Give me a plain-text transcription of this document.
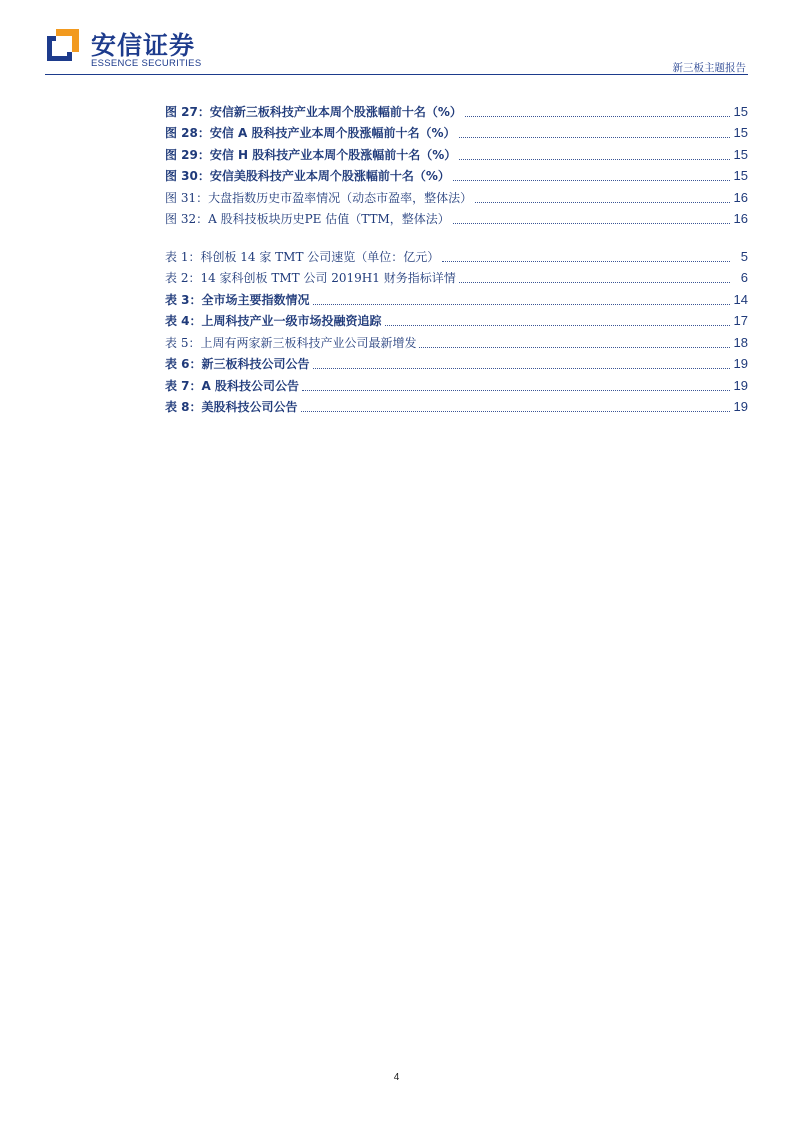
安信证券
ESSENCE SECURITIES	新三板主题报告
图 27：安信新三板科技产业本周个股涨幅前十名（%）	15
图 28：安信 A 股科技产业本周个股涨幅前十名（%）	15
图 29：安信 H 股科技产业本周个股涨幅前十名（%）	15
图 30：安信美股科技产业本周个股涨幅前十名（%）	15
图 31：大盘指数历史市盈率情况（动态市盈率，整体法）	16
图 32：A 股科技板块历史PE 估值（TTM，整体法）	16
表 1：科创板 14 家 TMT 公司速览（单位：亿元）	5
表 2：14 家科创板 TMT 公司 2019H1 财务指标详情	6
表 3：全市场主要指数情况	14
表 4：上周科技产业一级市场投融资追踪	17
表 5：上周有两家新三板科技产业公司最新增发	18
表 6：新三板科技公司公告	19
表 7：A 股科技公司公告	19
表 8：美股科技公司公告	19
4
